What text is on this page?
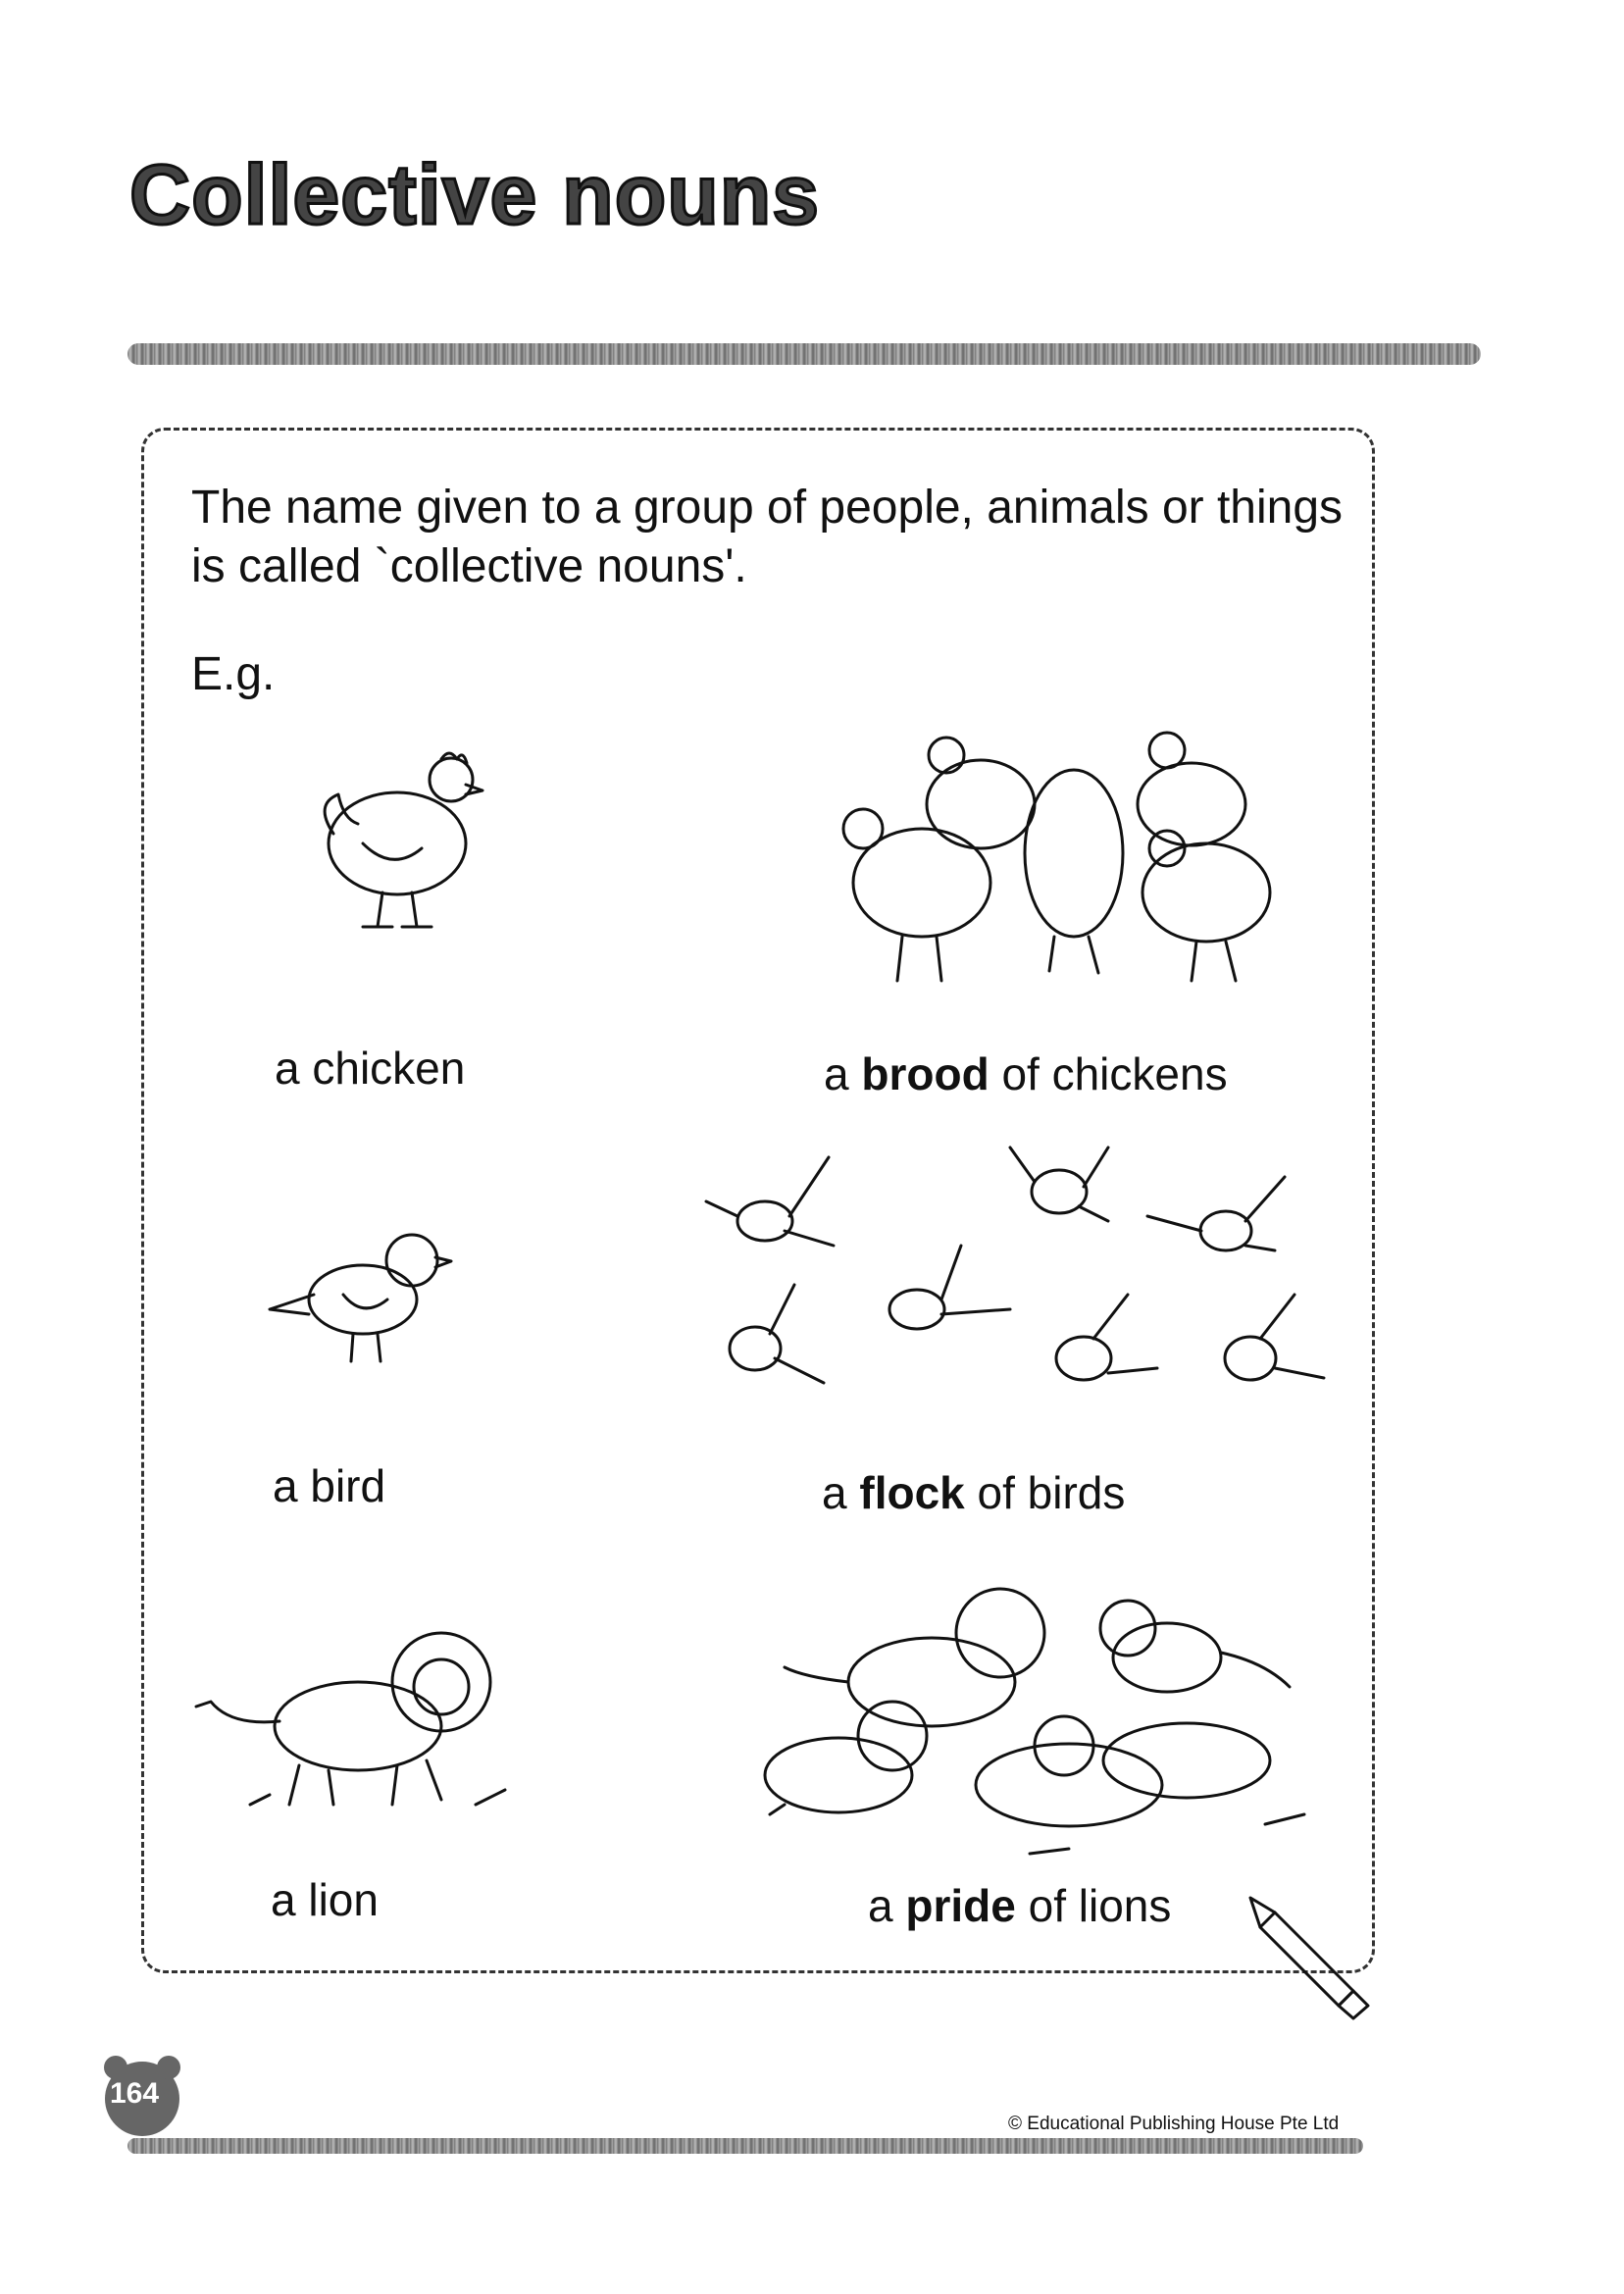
Collective nouns

The name given to a group of people, animals or things is called `collective nouns'.

E.g.
a chicken	a brood of chickens
a bird	a flock of birds
a lion	a pride of lions
164
© Educational Publishing House Pte Ltd
